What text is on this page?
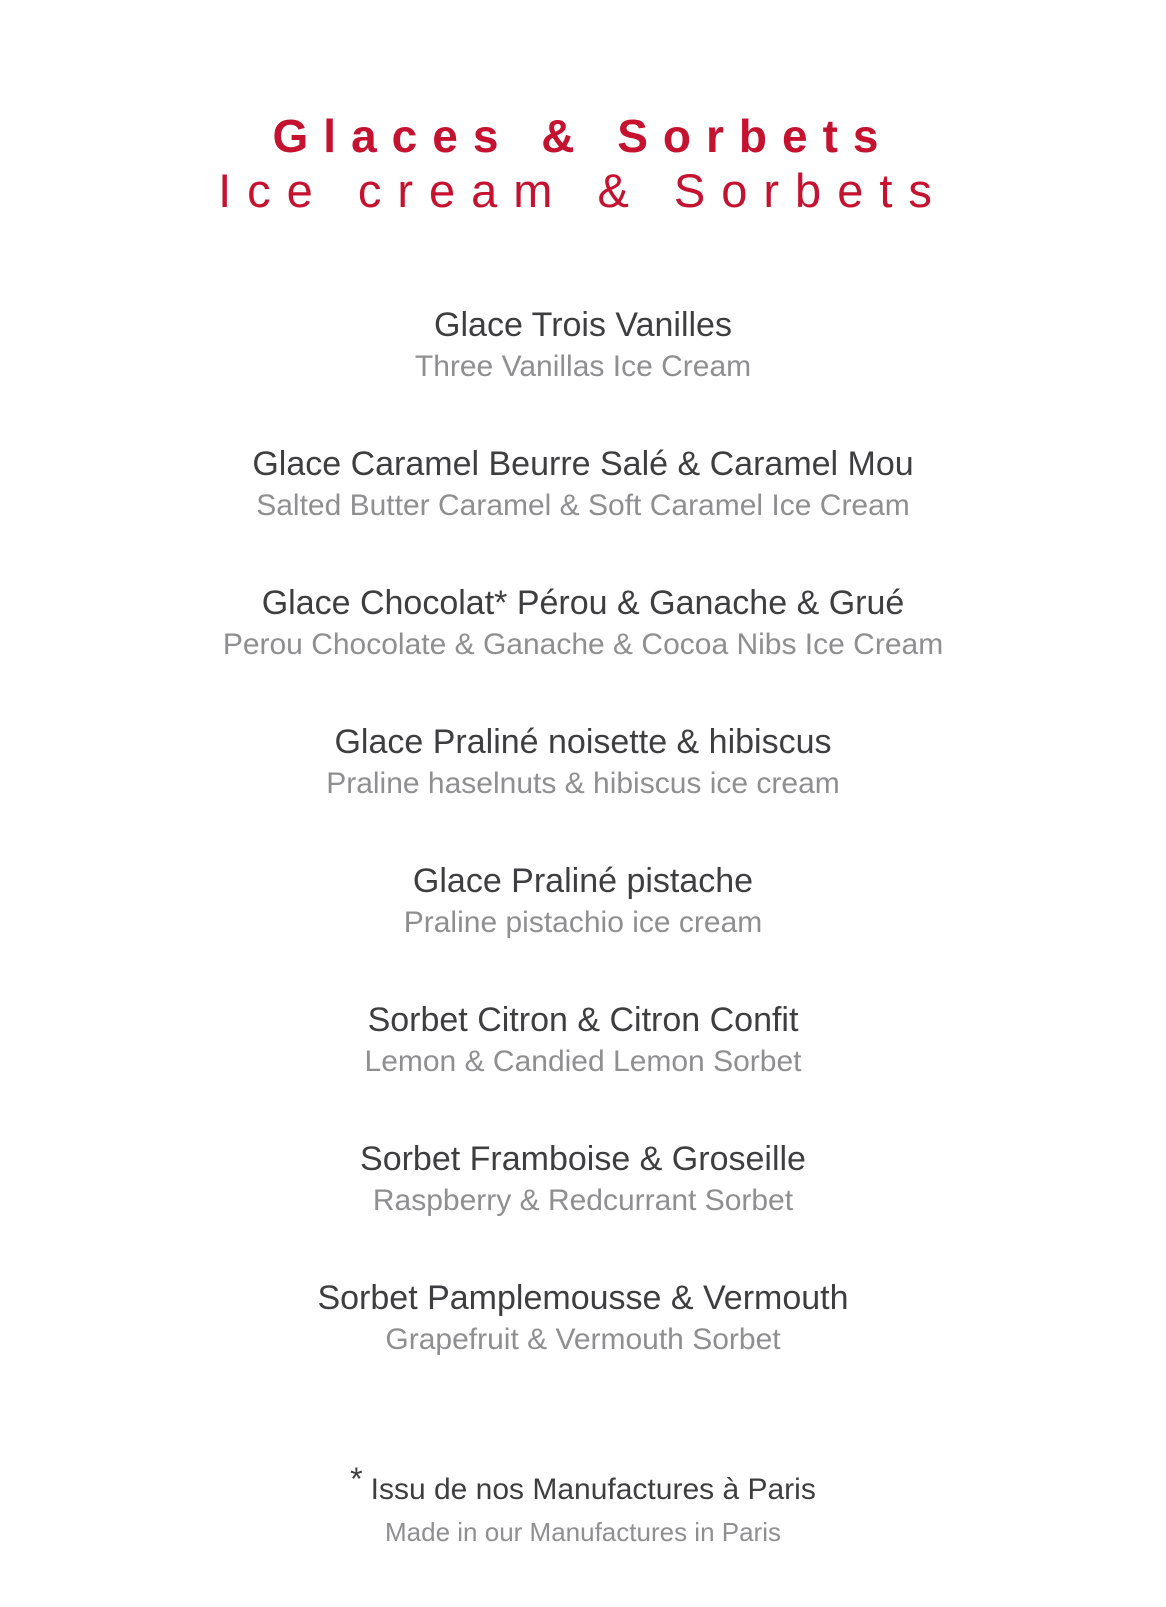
Glaces & Sorbets
Ice cream & Sorbets
Glace Trois Vanilles
Three Vanillas Ice Cream
Glace Caramel Beurre Salé & Caramel Mou
Salted Butter Caramel & Soft Caramel Ice Cream
Glace Chocolat* Pérou & Ganache & Grué
Perou Chocolate & Ganache & Cocoa Nibs Ice Cream
Glace Praliné noisette & hibiscus
Praline haselnuts & hibiscus ice cream
Glace Praliné pistache
Praline pistachio ice cream
Sorbet Citron & Citron Confit
Lemon & Candied Lemon Sorbet
Sorbet Framboise & Groseille
Raspberry & Redcurrant Sorbet
Sorbet Pamplemousse & Vermouth
Grapefruit & Vermouth Sorbet
* Issu de nos Manufactures à Paris
Made in our Manufactures in Paris
